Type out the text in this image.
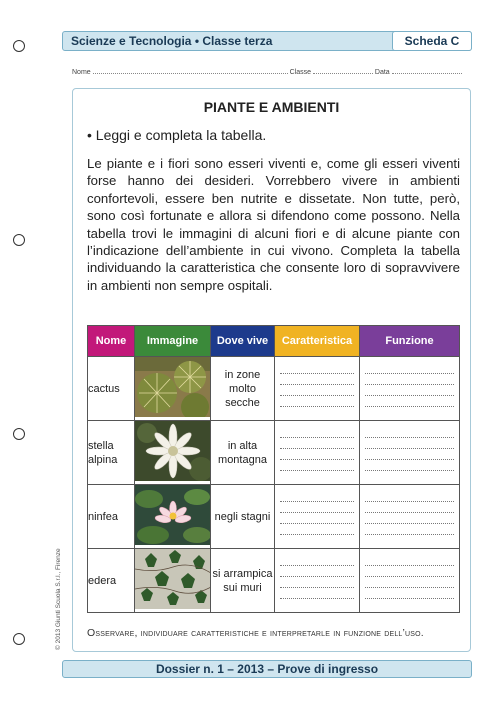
Scienze e Tecnologia • Classe terza	Scheda C
Nome	Classe	Data
PIANTE E AMBIENTI
• Leggi e completa la tabella.
Le piante e i fiori sono esseri viventi e, come gli esseri viventi forse hanno dei desideri. Vorrebbero vivere in ambienti confortevoli, essere ben nutrite e dissetate. Non tutte, però, sono così fortunate e allora si difendono come possono. Nella tabella trovi le immagini di alcuni fiori e di alcune piante con l’indicazione dell’ambiente in cui vivono. Completa la tabella individuando la caratteristica che consente loro di sopravvivere in ambienti non sempre ospitali.
Nome	Immagine	Dove vive	Caratteristica	Funzione
cactus		in zone molto secche	

stella alpina		in alta montagna	

ninfea		negli stagni	

edera		si arrampica sui muri	

Osservare, individuare caratteristiche e interpretarle in funzione dell’uso.
Dossier n. 1 – 2013 – Prove di ingresso
© 2013 Giunti Scuola S.r.l., Firenze
